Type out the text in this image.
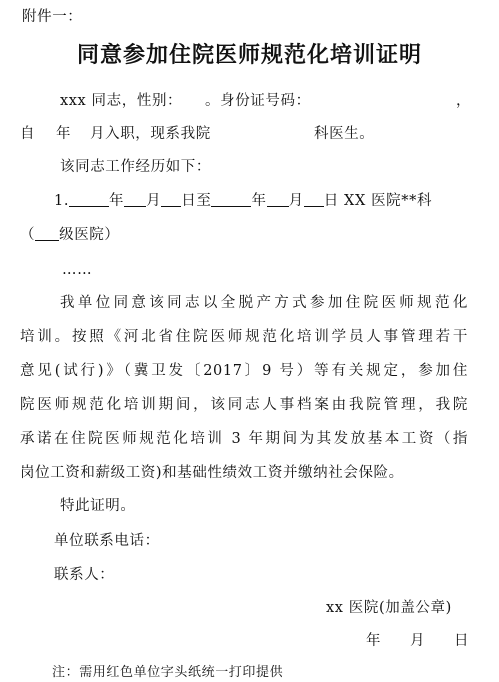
附件一：
同意参加住院医师规范化培训证明
xxx 同志，性别： 。身份证号码：	，
自 年 月入职，现系我院	科医生。
该同志工作经历如下：
1.	年 月 日至	年 月 日 XX 医院**科
（ 级医院）
……
我单位同意该同志以全脱产方式参加住院医师规范化
培训。按照《河北省住院医师规范化培训学员人事管理若干
意见(试行)》（冀卫发〔2017〕9 号）等有关规定，参加住
院医师规范化培训期间，该同志人事档案由我院管理，我院
承诺在住院医师规范化培训 3 年期间为其发放基本工资（指
岗位工资和薪级工资)和基础性绩效工资并缴纳社会保险。
特此证明。
单位联系电话：
联系人：
xx 医院(加盖公章)
年 月 日
注：需用红色单位字头纸统一打印提供
